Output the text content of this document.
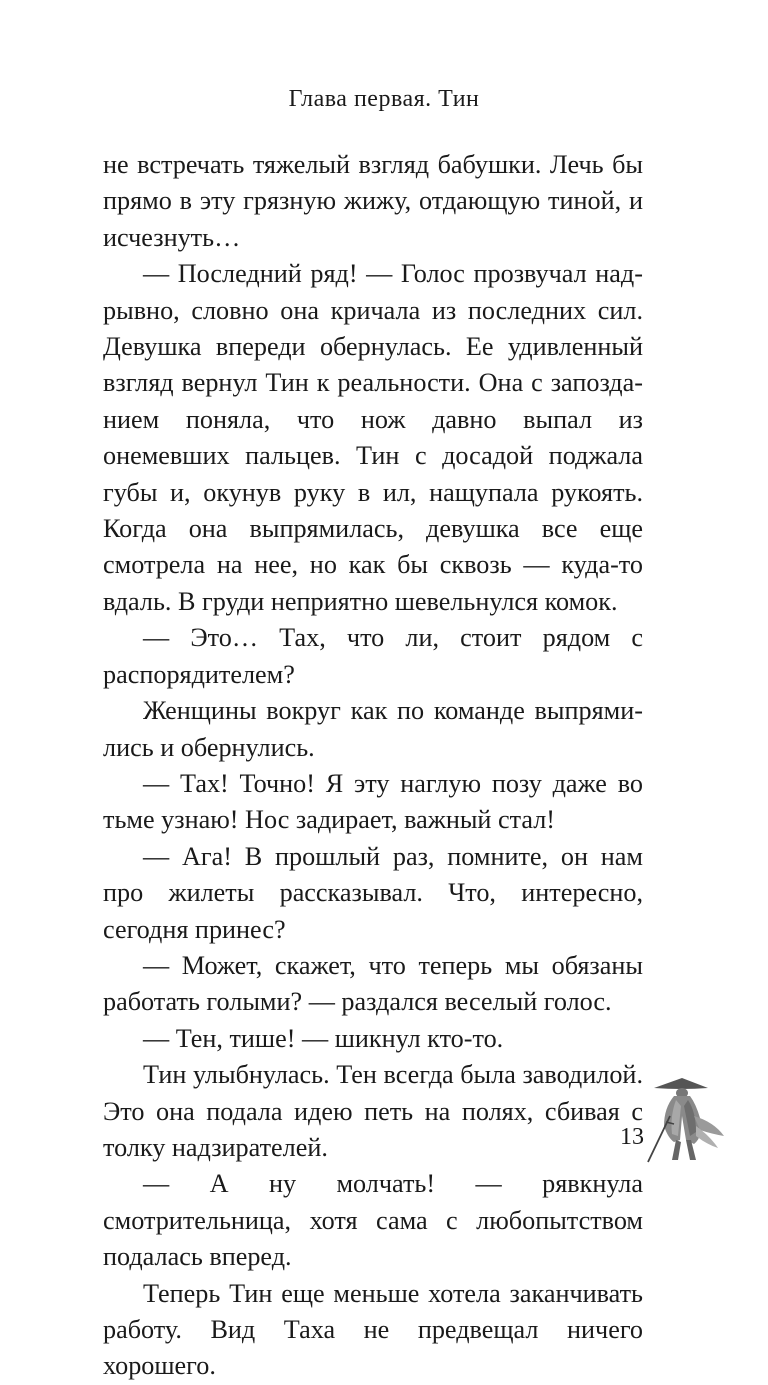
Глава первая. Тин

не встречать тяжелый взгляд бабушки. Лечь бы прямо в эту грязную жижу, отдающую тиной, и исчезнуть…

— Последний ряд! — Голос прозвучал надрывно, словно она кричала из последних сил. Девушка впереди обернулась. Ее удивленный взгляд вернул Тин к реальности. Она с запозданием поняла, что нож давно выпал из онемевших пальцев. Тин с досадой поджала губы и, окунув руку в ил, нащупала рукоять. Когда она выпрямилась, девушка все еще смотрела на нее, но как бы сквозь — куда-то вдаль. В груди неприятно шевельнулся комок.

— Это… Тах, что ли, стоит рядом с распорядителем?

Женщины вокруг как по команде выпрямились и обернулись.

— Тах! Точно! Я эту наглую позу даже во тьме узнаю! Нос задирает, важный стал!

— Ага! В прошлый раз, помните, он нам про жилеты рассказывал. Что, интересно, сегодня принес?

— Может, скажет, что теперь мы обязаны работать голыми? — раздался веселый голос.

— Тен, тише! — шикнул кто-то.

Тин улыбнулась. Тен всегда была заводилой. Это она подала идею петь на полях, сбивая с толку надзирателей.

— А ну молчать! — рявкнула смотрительница, хотя сама с любопытством подалась вперед.

Теперь Тин еще меньше хотела заканчивать работу. Вид Таха не предвещал ничего хорошего.

13
